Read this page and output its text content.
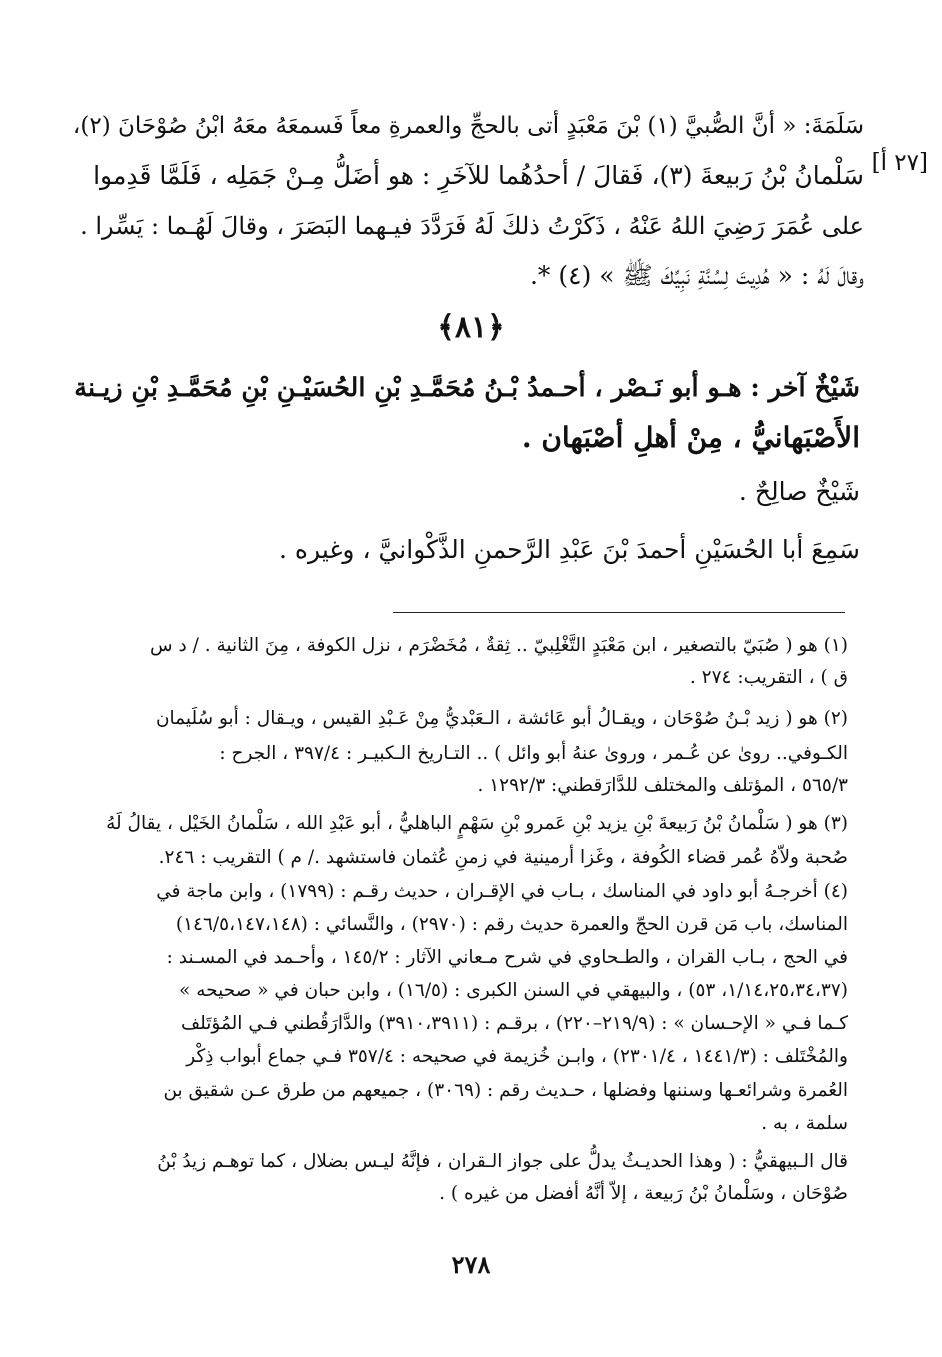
[٢٧ أ]
سَلَمَةَ: « أنَّ الصُّبيَّ (١) بْنَ مَعْبَدٍ أتى بالحجِّ والعمرةِ معاً فَسمعَهُ معَهُ ابْنُ صُوْحَانَ (٢)،
سَلْمانُ بْنُ رَبيعةَ (٣)، فَقالَ / أحدُهُما للآخَرِ : هو أضَلُّ مِـنْ جَمَلِه ، فَلَمَّا قَدِموا
على عُمَرَ رَضِيَ اللهُ عَنْهُ ، ذَكَرْتُ ذلكَ لَهُ فَرَدَّدَ فيـهما البَصَرَ ، وقالَ لَهُـما : يَسِّرا .
وقالَ لَهُ : « هُدِيتَ لِسُنَّةِ نَبِيِّكَ ﷺ » (٤) *.
﴿٨١﴾
شَيْخٌ آخر : هـو أبو نَـصْر ، أحـمدُ بْـنُ مُحَمَّـدِ بْنِ الحُسَيْـنِ بْنِ مُحَمَّـدِ بْنِ زيـنة
الأَصْبَهانيُّ ، مِنْ أهلِ أصْبَهان .
شَيْخٌ صالِحٌ .
سَمِعَ أبا الحُسَيْنِ أحمدَ بْنَ عَبْدِ الرَّحمنِ الذَّكْوانيَّ ، وغيره .
(١) هو ( صُبَيّ بالتصغير ، ابن مَعْبَدٍ التَّغْلِبيّ .. ثِقةٌ ، مُخَضْرَم ، نزل الكوفة ، مِنَ الثانية . / د س
ق ) ، التقريب: ٢٧٤ .
(٢) هو ( زيد بْـنُ صُوْحَان ، ويقـالُ أبو عَائشة ، الـعَبْديُّ مِنْ عَـبْدِ القيس ، ويـقال : أبو سُلَيمان
الكـوفي.. روىٰ عن عُـمر ، وروىٰ عنهُ أبو وائل ) .. التـاريخ الـكبيـر : ٣٩٧/٤ ، الجرح :
٥٦٥/٣ ، المؤتلف والمختلف للدَّارَقطني: ١٢٩٢/٣ .
(٣) هو ( سَلْمانُ بْنُ رَبيعةَ بْنِ يزيد بْنِ عَمرو بْنِ سَهْمٍ الباهليُّ ، أبو عَبْدِ الله ، سَلْمانُ الخَيْل ، يقالُ لَهُ
صُحبة ولاّهُ عُمر قضاء الكُوفة ، وغَزا أرمينية في زمنِ عُثمان فاستشهد ./ م ) التقريب : ٢٤٦.
(٤) أخرجـهُ أبو داود في المناسك ، بـاب في الإقـران ، حديث رقـم : (١٧٩٩) ، وابن ماجة في
المناسك، باب مَن قرن الحجّ والعمرة حديث رقم : (٢٩٧٠) ، والنَّسائي : (١٤٦/٥،١٤٧،١٤٨)
في الحج ، بـاب القران ، والطـحاوي في شرح مـعاني الآثار : ١٤٥/٢ ، وأحـمد في المسـند :
(١/١٤،٢٥،٣٤،٣٧، ٥٣) ، والبيهقي في السنن الكبرى : (١٦/٥) ، وابن حبان في « صحيحه »
كـما فـي « الإحـسان » : (٢١٩/٩–٢٢٠) ، برقـم : (٣٩١٠،٣٩١١) والدَّارَقُطني فـي المُؤتَلف
والمُخْتَلف : (١٤٤١/٣ ، ٢٣٠١/٤) ، وابـن خُزيمة في صحيحه : ٣٥٧/٤ فـي جماع أبواب ذِكْر
العُمرة وشرائعـها وسننها وفضلها ، حـديث رقم : (٣٠٦٩) ، جميعهم من طرق عـن شقيق بن
سلمة ، به .
قال الـبيهقيُّ : ( وهذا الحديـثُ يدلُّ على جواز الـقران ، فإنَّهُ ليـس بضلال ، كما توهـم زيدُ بْنُ
صُوْحَان ، وسَلْمانُ بْنُ رَبيعة ، إلاّ أنَّهُ أفضل من غيره ) .
٢٧٨
